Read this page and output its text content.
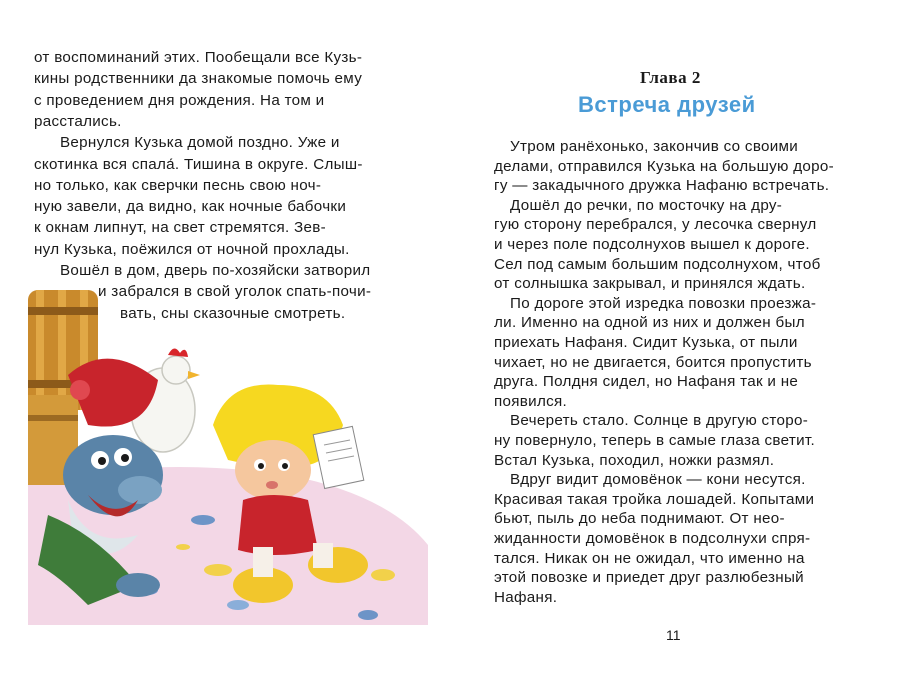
от воспоминаний этих. Пообещали все Кузь-
кины родственники да знакомые помочь ему
с проведением дня рождения. На том и
расстались.
Вернулся Кузька домой поздно. Уже и
скотинка вся спала́. Тишина в округе. Слыш-
но только, как сверчки песнь свою ноч-
ную завели, да видно, как ночные бабочки
к окнам липнут, на свет стремятся. Зев-
нул Кузька, поёжился от ночной прохлады.
Вошёл в дом, дверь по-хозяйски затворил
и забрался в свой уголок спать-почи-
вать, сны сказочные смотреть.
Глава 2
Встреча друзей
Утром ранёхонько, закончив со своими
делами, отправился Кузька на большую доро-
гу — закадычного дружка Нафаню встречать.
Дошёл до речки, по мосточку на дру-
гую сторону перебрался, у лесочка свернул
и через поле подсолнухов вышел к дороге.
Сел под самым большим подсолнухом, чтоб
от солнышка закрывал, и принялся ждать.
По дороге этой изредка повозки проезжа-
ли. Именно на одной из них и должен был
приехать Нафаня. Сидит Кузька, от пыли
чихает, но не двигается, боится пропустить
друга. Полдня сидел, но Нафаня так и не
появился.
Вечереть стало. Солнце в другую сторо-
ну повернуло, теперь в самые глаза светит.
Встал Кузька, походил, ножки размял.
Вдруг видит домовёнок — кони несутся.
Красивая такая тройка лошадей. Копытами
бьют, пыль до неба поднимают. От нео-
жиданности домовёнок в подсолнухи спря-
тался. Никак он не ожидал, что именно на
этой повозке и приедет друг разлюбезный
Нафаня.
11
